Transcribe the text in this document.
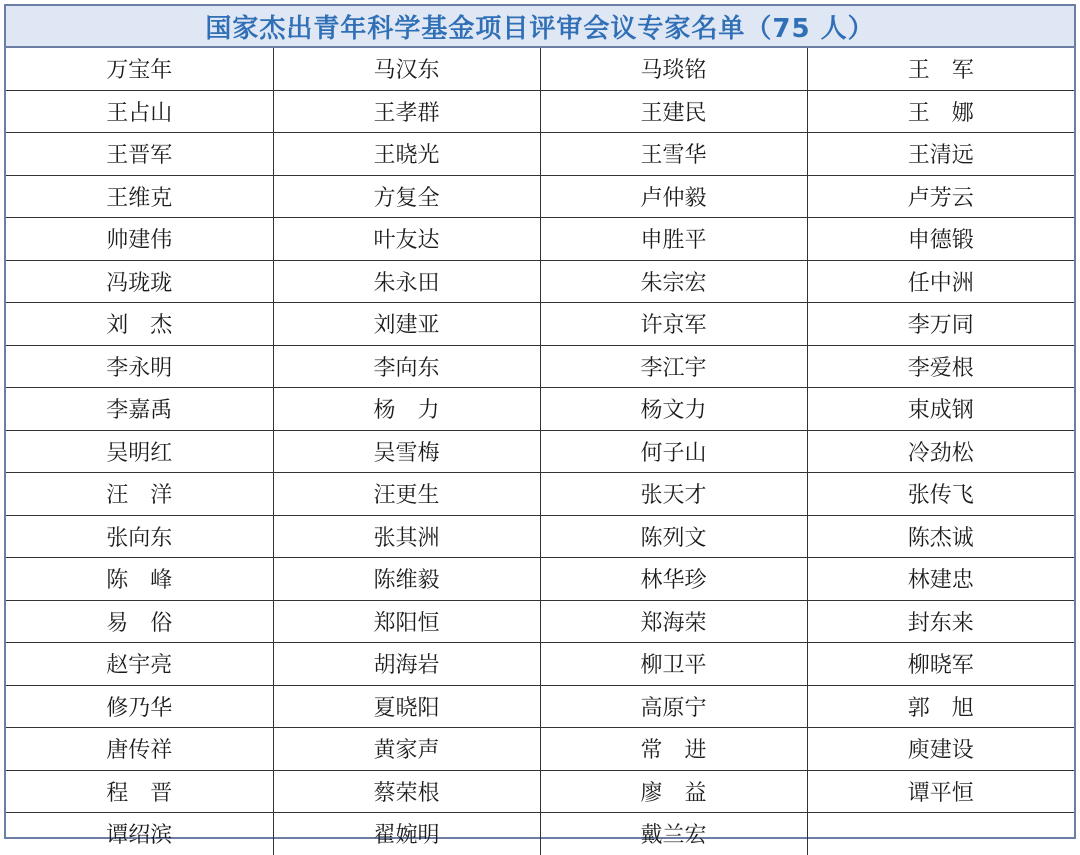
国家杰出青年科学基金项目评审会议专家名单（75 人）
万宝年	马汉东	马琰铭	王　军
王占山	王孝群	王建民	王　娜
王晋军	王晓光	王雪华	王清远
王维克	方复全	卢仲毅	卢芳云
帅建伟	叶友达	申胜平	申德锻
冯珑珑	朱永田	朱宗宏	任中洲
刘　杰	刘建亚	许京军	李万同
李永明	李向东	李江宇	李爱根
李嘉禹	杨　力	杨文力	束成钢
吴明红	吴雪梅	何子山	冷劲松
汪　洋	汪更生	张天才	张传飞
张向东	张其洲	陈列文	陈杰诚
陈　峰	陈维毅	林华珍	林建忠
易　俗	郑阳恒	郑海荣	封东来
赵宇亮	胡海岩	柳卫平	柳晓军
修乃华	夏晓阳	高原宁	郭　旭
唐传祥	黄家声	常　进	庾建设
程　晋	蔡荣根	廖　益	谭平恒
谭绍滨	翟婉明	戴兰宏	
